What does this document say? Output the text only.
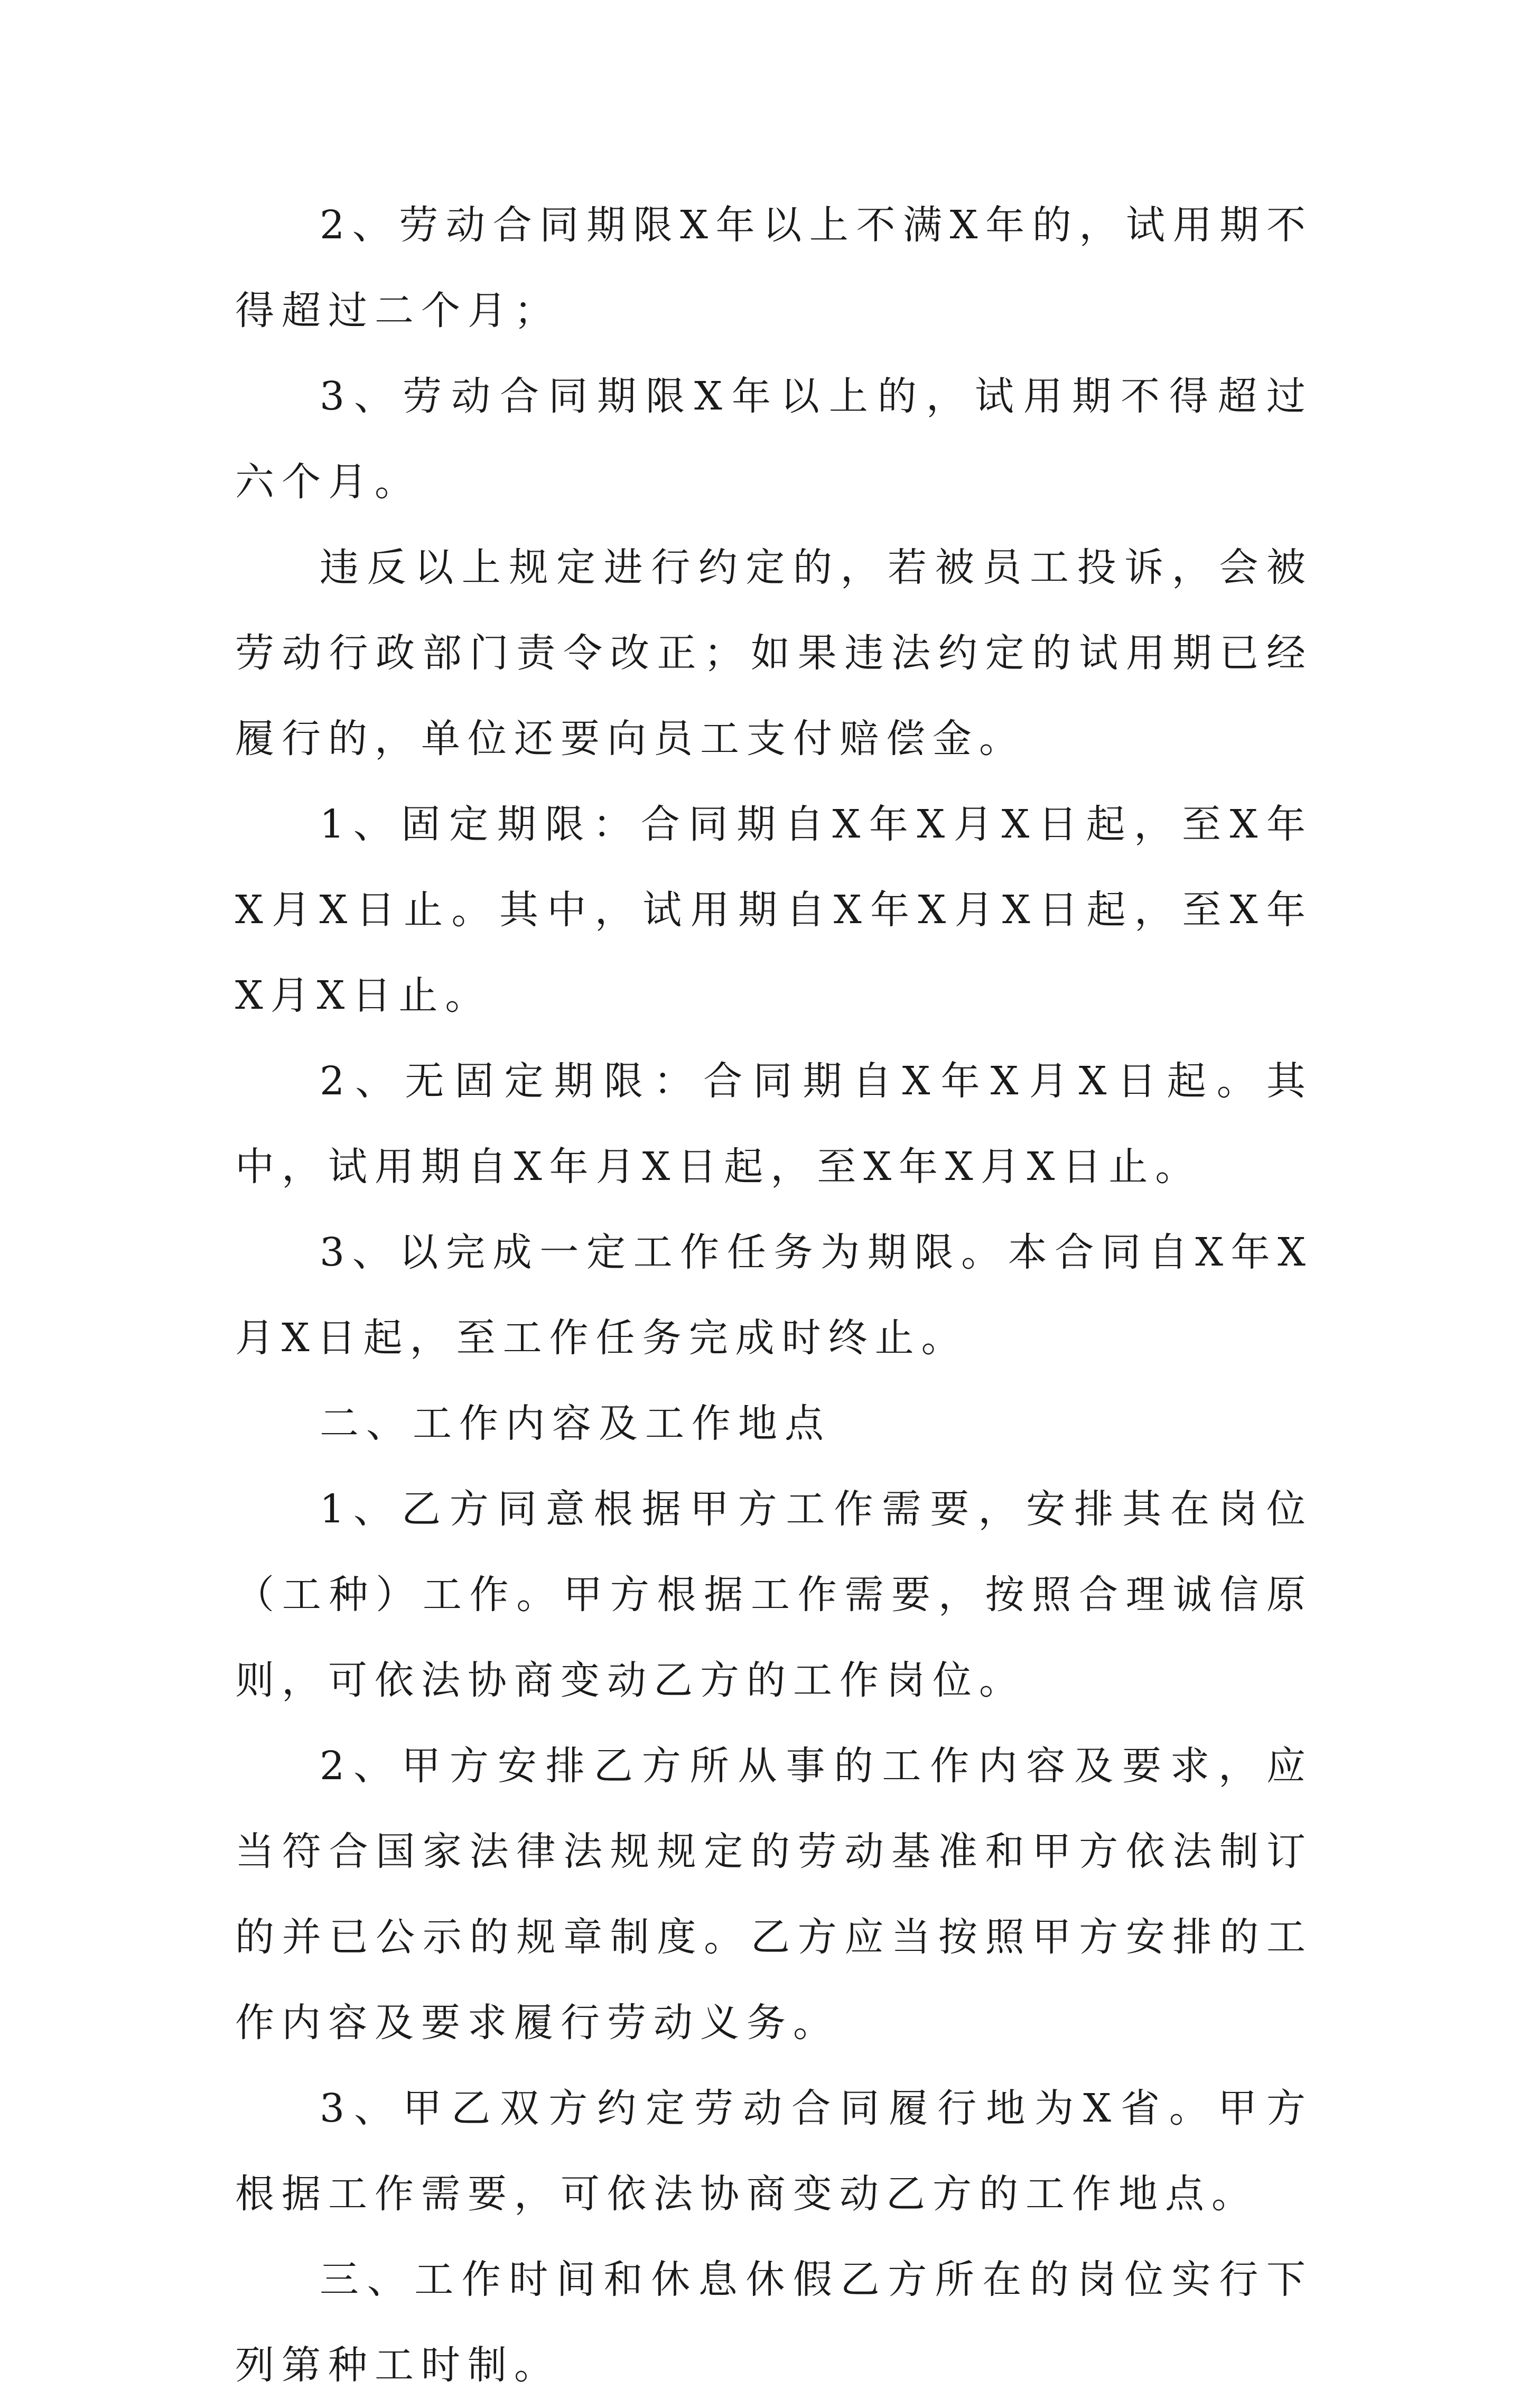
2、劳动合同期限X年以上不满X年的，试用期不得超过二个月；

3、劳动合同期限X年以上的，试用期不得超过六个月。

违反以上规定进行约定的，若被员工投诉，会被劳动行政部门责令改正；如果违法约定的试用期已经履行的，单位还要向员工支付赔偿金。

1、固定期限：合同期自X年X月X日起，至X年X月X日止。其中，试用期自X年X月X日起，至X年X月X日止。

2、无固定期限：合同期自X年X月X日起。其中，试用期自X年月X日起，至X年X月X日止。

3、以完成一定工作任务为期限。本合同自X年X月X日起，至工作任务完成时终止。

二、工作内容及工作地点

1、乙方同意根据甲方工作需要，安排其在岗位（工种）工作。甲方根据工作需要，按照合理诚信原则，可依法协商变动乙方的工作岗位。

2、甲方安排乙方所从事的工作内容及要求，应当符合国家法律法规规定的劳动基准和甲方依法制订的并已公示的规章制度。乙方应当按照甲方安排的工作内容及要求履行劳动义务。

3、甲乙双方约定劳动合同履行地为X省。甲方根据工作需要，可依法协商变动乙方的工作地点。

三、工作时间和休息休假乙方所在的岗位实行下列第种工时制。
